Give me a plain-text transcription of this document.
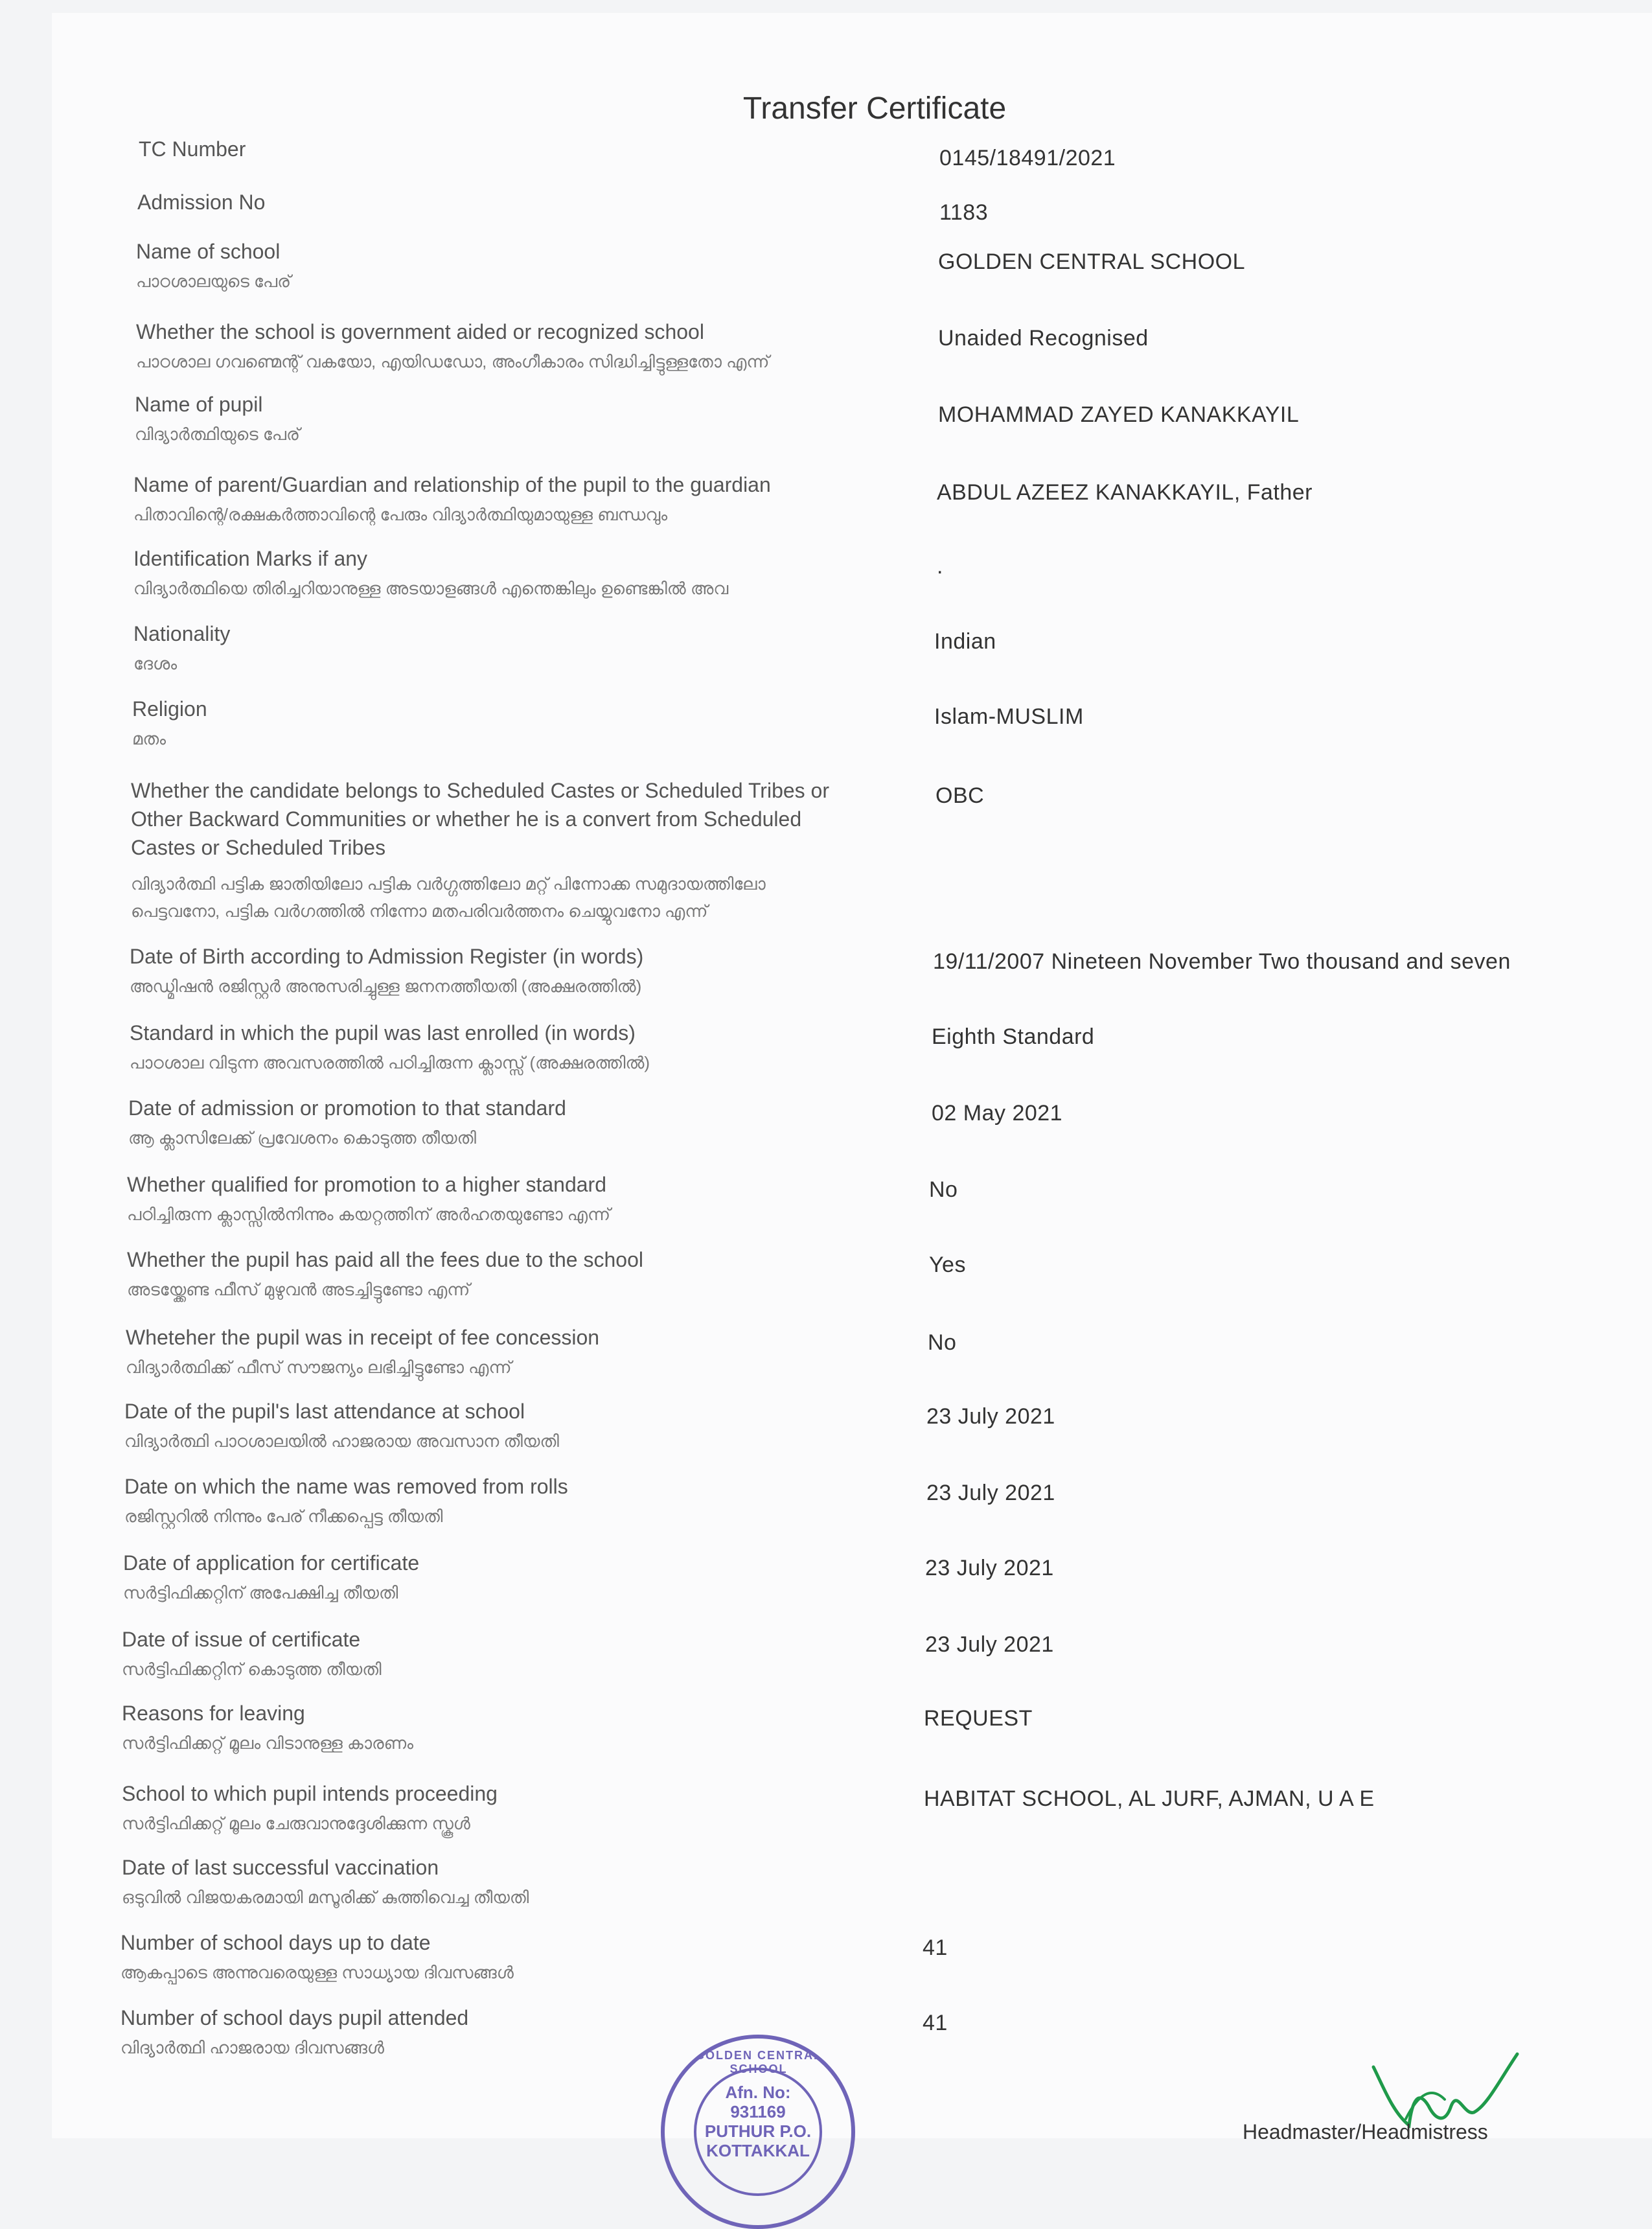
Transfer Certificate
TC Number	0145/18491/2021
Admission No	1183
Name of school
പാഠശാലയുടെ പേര്
GOLDEN CENTRAL SCHOOL
Whether the school is government aided or recognized school
പാഠശാല ഗവണ്മെന്റ് വകയോ, എയിഡഡോ, അംഗീകാരം സിദ്ധിച്ചിട്ടുള്ളതോ എന്ന്
Unaided Recognised
Name of pupil
വിദ്യാർത്ഥിയുടെ പേര്
MOHAMMAD ZAYED KANAKKAYIL
Name of parent/Guardian and relationship of the pupil to the guardian
പിതാവിന്റെ/രക്ഷകർത്താവിന്റെ പേരും വിദ്യാർത്ഥിയുമായുള്ള ബന്ധവും
ABDUL AZEEZ KANAKKAYIL, Father
Identification Marks if any
വിദ്യാർത്ഥിയെ തിരിച്ചറിയാനുള്ള അടയാളങ്ങൾ എന്തെങ്കിലും ഉണ്ടെങ്കിൽ അവ
.
Nationality
ദേശം
Indian
Religion
മതം
Islam-MUSLIM
Date of Birth according to Admission Register (in words)
അഡ്മിഷൻ രജിസ്റ്റർ അനുസരിച്ചുള്ള ജനനത്തീയതി (അക്ഷരത്തിൽ)
19/11/2007 Nineteen November Two thousand and seven
Standard in which the pupil was last enrolled (in words)
പാഠശാല വിടുന്ന അവസരത്തിൽ പഠിച്ചിരുന്ന ക്ലാസ്സ് (അക്ഷരത്തിൽ)
Eighth Standard
Date of admission or promotion to that standard
ആ ക്ലാസിലേക്ക് പ്രവേശനം കൊടുത്ത തീയതി
02 May 2021
Whether qualified for promotion to a higher standard
പഠിച്ചിരുന്ന ക്ലാസ്സിൽനിന്നും കയറ്റത്തിന് അർഹതയുണ്ടോ എന്ന്
No
Whether the pupil has paid all the fees due to the school
അടയ്ക്കേണ്ട ഫീസ് മുഴുവൻ അടച്ചിട്ടുണ്ടോ എന്ന്
Yes
Wheteher the pupil was in receipt of fee concession
വിദ്യാർത്ഥിക്ക് ഫീസ് സൗജന്യം ലഭിച്ചിട്ടുണ്ടോ എന്ന്
No
Date of the pupil's last attendance at school
വിദ്യാർത്ഥി പാഠശാലയിൽ ഹാജരായ അവസാന തീയതി
23 July 2021
Date on which the name was removed from rolls
രജിസ്റ്ററിൽ നിന്നും പേര് നീക്കപ്പെട്ട തീയതി
23 July 2021
Date of application for certificate
സർട്ടിഫിക്കറ്റിന് അപേക്ഷിച്ച തീയതി
23 July 2021
Date of issue of certificate
സർട്ടിഫിക്കറ്റിന് കൊടുത്ത തീയതി
23 July 2021
Reasons for leaving
സർട്ടിഫിക്കറ്റ് മൂലം വിടാനുള്ള കാരണം
REQUEST
School to which pupil intends proceeding
സർട്ടിഫിക്കറ്റ് മൂലം ചേരുവാനുദ്ദേശിക്കുന്ന സ്കൂൾ
HABITAT SCHOOL, AL JURF, AJMAN, U A E
Date of last successful vaccination
ഒടുവിൽ വിജയകരമായി മസൂരിക്ക് കുത്തിവെച്ച തീയതി
Number of school days up to date
ആകപ്പാടെ അന്നുവരെയുള്ള സാധ്യായ ദിവസങ്ങൾ
41
Number of school days pupil attended
വിദ്യാർത്ഥി ഹാജരായ ദിവസങ്ങൾ
41
Whether the candidate belongs to Scheduled Castes or Scheduled Tribes or
Other Backward Communities or whether he is a convert from Scheduled
Castes or Scheduled Tribes
വിദ്യാർത്ഥി പട്ടിക ജാതിയിലോ പട്ടിക വർഗ്ഗത്തിലോ മറ്റ് പിന്നോക്ക സമുദായത്തിലോ
പെട്ടവനോ, പട്ടിക വർഗത്തിൽ നിന്നോ മതപരിവർത്തനം ചെയ്യുവനോ എന്ന്
OBC
GOLDEN CENTRAL SCHOOL
Afn. No:
931169
PUTHUR P.O.
KOTTAKKAL
Headmaster/Headmistress
